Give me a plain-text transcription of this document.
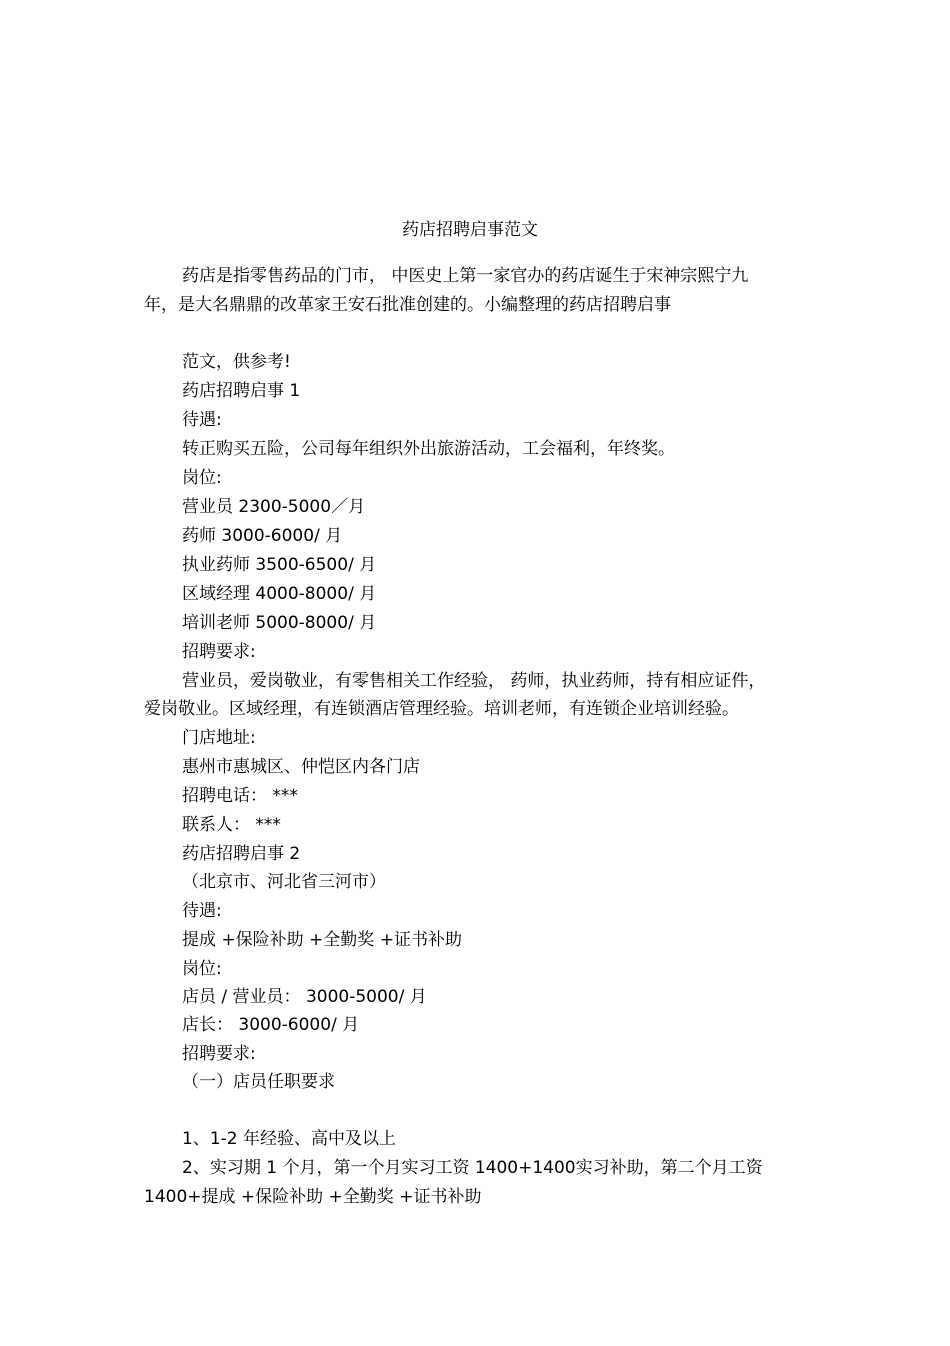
药店招聘启事范文
药店是指零售药品的门市， 中医史上第一家官办的药店诞生于宋神宗熙宁九
年，是大名鼎鼎的改革家王安石批准创建的。小编整理的药店招聘启事
范文，供参考!
药店招聘启事 1
待遇:
转正购买五险，公司每年组织外出旅游活动，工会福利，年终奖。
岗位:
营业员 2300-5000／月
药师 3000-6000/ 月
执业药师 3500-6500/ 月
区域经理 4000-8000/ 月
培训老师 5000-8000/ 月
招聘要求:
营业员，爱岗敬业，有零售相关工作经验， 药师，执业药师，持有相应证件，
爱岗敬业。区域经理，有连锁酒店管理经验。培训老师，有连锁企业培训经验。
门店地址:
惠州市惠城区、仲恺区内各门店
招聘电话： ***
联系人： ***
药店招聘启事 2
（北京市、河北省三河市）
待遇:
提成 +保险补助 +全勤奖 +证书补助
岗位:
店员 / 营业员： 3000-5000/ 月
店长： 3000-6000/ 月
招聘要求:
（一）店员任职要求
1、1-2 年经验、高中及以上
2、实习期 1 个月，第一个月实习工资 1400+1400实习补助，第二个月工资
1400+提成 +保险补助 +全勤奖 +证书补助
